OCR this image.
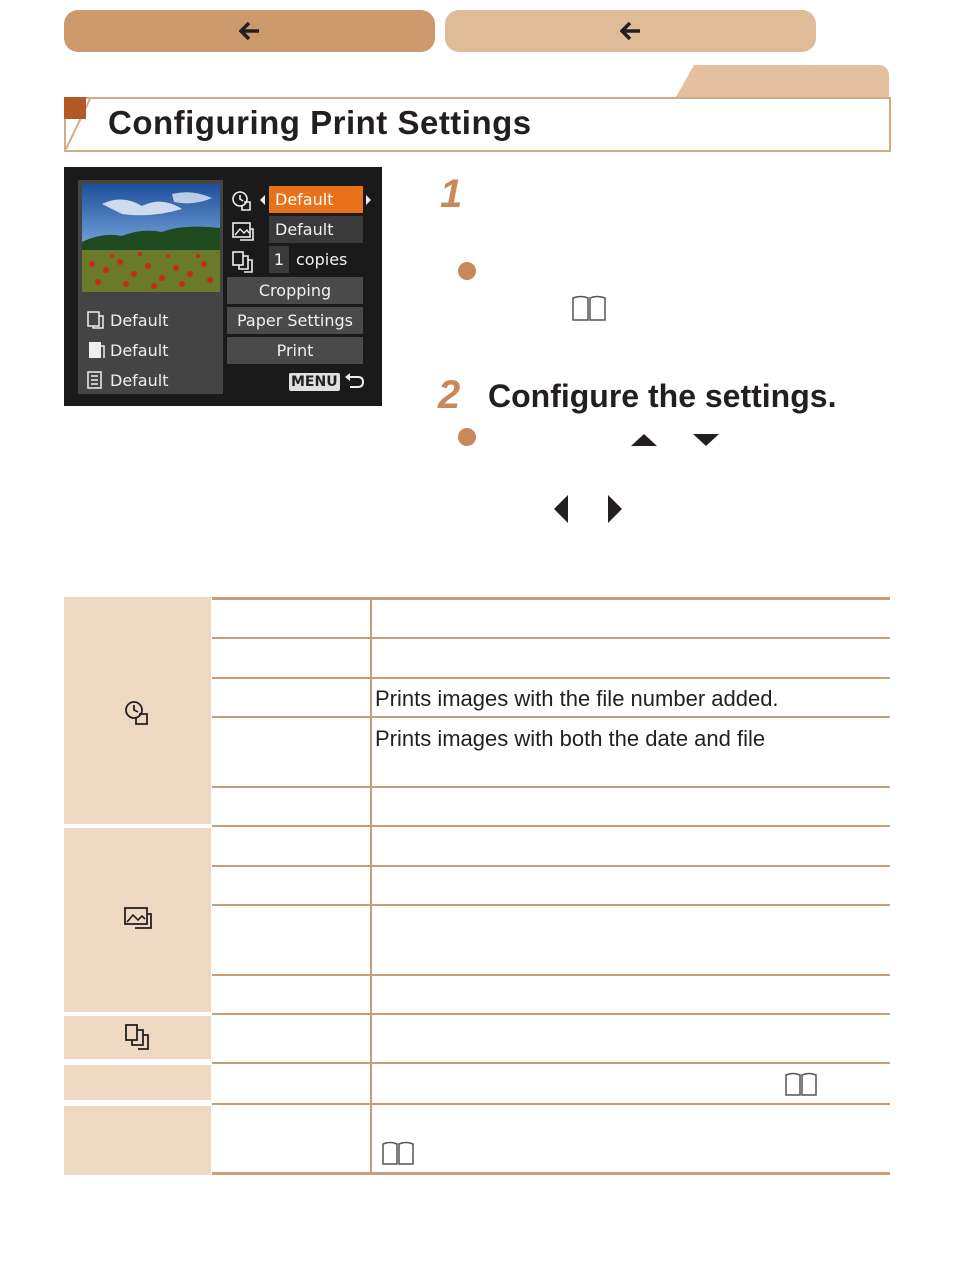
Configuring Print Settings
Default
Default
Default
Default
Default
1 copies
Cropping
Paper Settings
Print
MENU
1
2 Configure the settings.
Prints images with the file number added.
Prints images with both the date and file
